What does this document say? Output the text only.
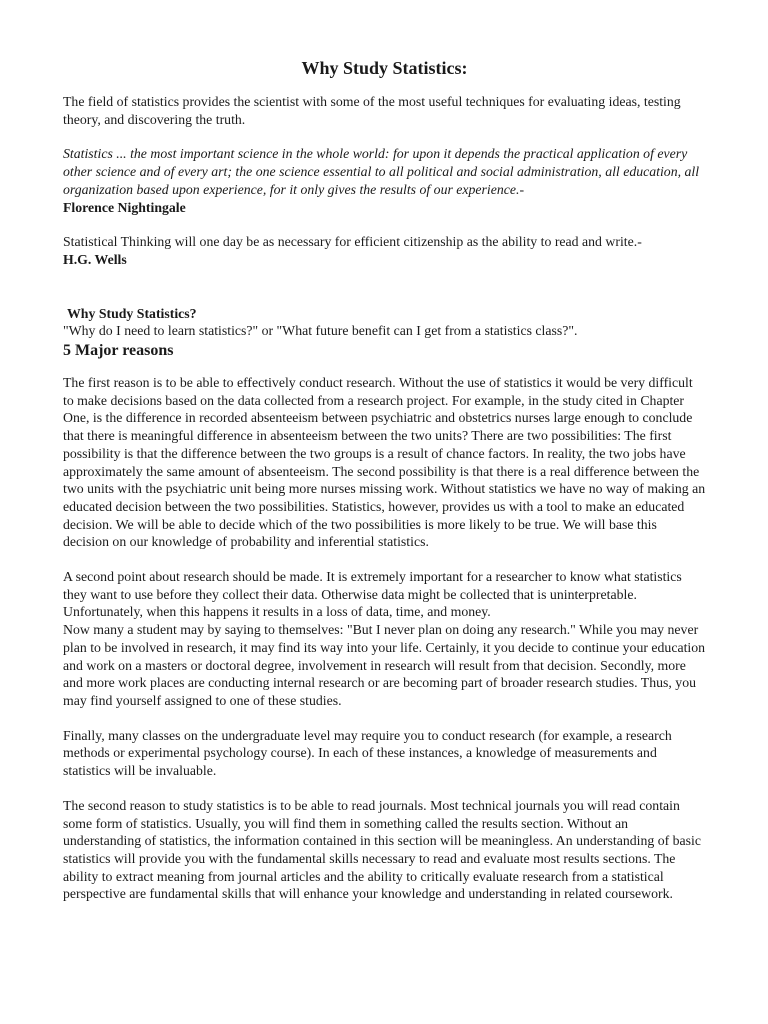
Why Study Statistics:

The field of statistics provides the scientist with some of the most useful techniques for evaluating ideas, testing theory, and discovering the truth.

Statistics ... the most important science in the whole world: for upon it depends the practical application of every other science and of every art; the one science essential to all political and social administration, all education, all organization based upon experience, for it only gives the results of our experience.-

Florence Nightingale

Statistical Thinking will one day be as necessary for efficient citizenship as the ability to read and write.-

H.G. Wells

Why Study Statistics?

"Why do I need to learn statistics?" or "What future benefit can I get from a statistics class?".

5 Major reasons

The first reason is to be able to effectively conduct research. Without the use of statistics it would be very difficult to make decisions based on the data collected from a research project. For example, in the study cited in Chapter One, is the difference in recorded absenteeism between psychiatric and obstetrics nurses large enough to conclude that there is meaningful difference in absenteeism between the two units? There are two possibilities: The first possibility is that the difference between the two groups is a result of chance factors. In reality, the two jobs have approximately the same amount of absenteeism. The second possibility is that there is a real difference between the two units with the psychiatric unit being more nurses missing work. Without statistics we have no way of making an educated decision between the two possibilities. Statistics, however, provides us with a tool to make an educated decision. We will be able to decide which of the two possibilities is more likely to be true. We will base this decision on our knowledge of probability and inferential statistics.

A second point about research should be made. It is extremely important for a researcher to know what statistics they want to use before they collect their data. Otherwise data might be collected that is uninterpretable. Unfortunately, when this happens it results in a loss of data, time, and money.

Now many a student may by saying to themselves: "But I never plan on doing any research." While you may never plan to be involved in research, it may find its way into your life. Certainly, it you decide to continue your education and work on a masters or doctoral degree, involvement in research will result from that decision. Secondly, more and more work places are conducting internal research or are becoming part of broader research studies. Thus, you may find yourself assigned to one of these studies.

Finally, many classes on the undergraduate level may require you to conduct research (for example, a research methods or experimental psychology course). In each of these instances, a knowledge of measurements and statistics will be invaluable.

The second reason to study statistics is to be able to read journals. Most technical journals you will read contain some form of statistics. Usually, you will find them in something called the results section. Without an understanding of statistics, the information contained in this section will be meaningless. An understanding of basic statistics will provide you with the fundamental skills necessary to read and evaluate most results sections. The ability to extract meaning from journal articles and the ability to critically evaluate research from a statistical perspective are fundamental skills that will enhance your knowledge and understanding in related coursework.
